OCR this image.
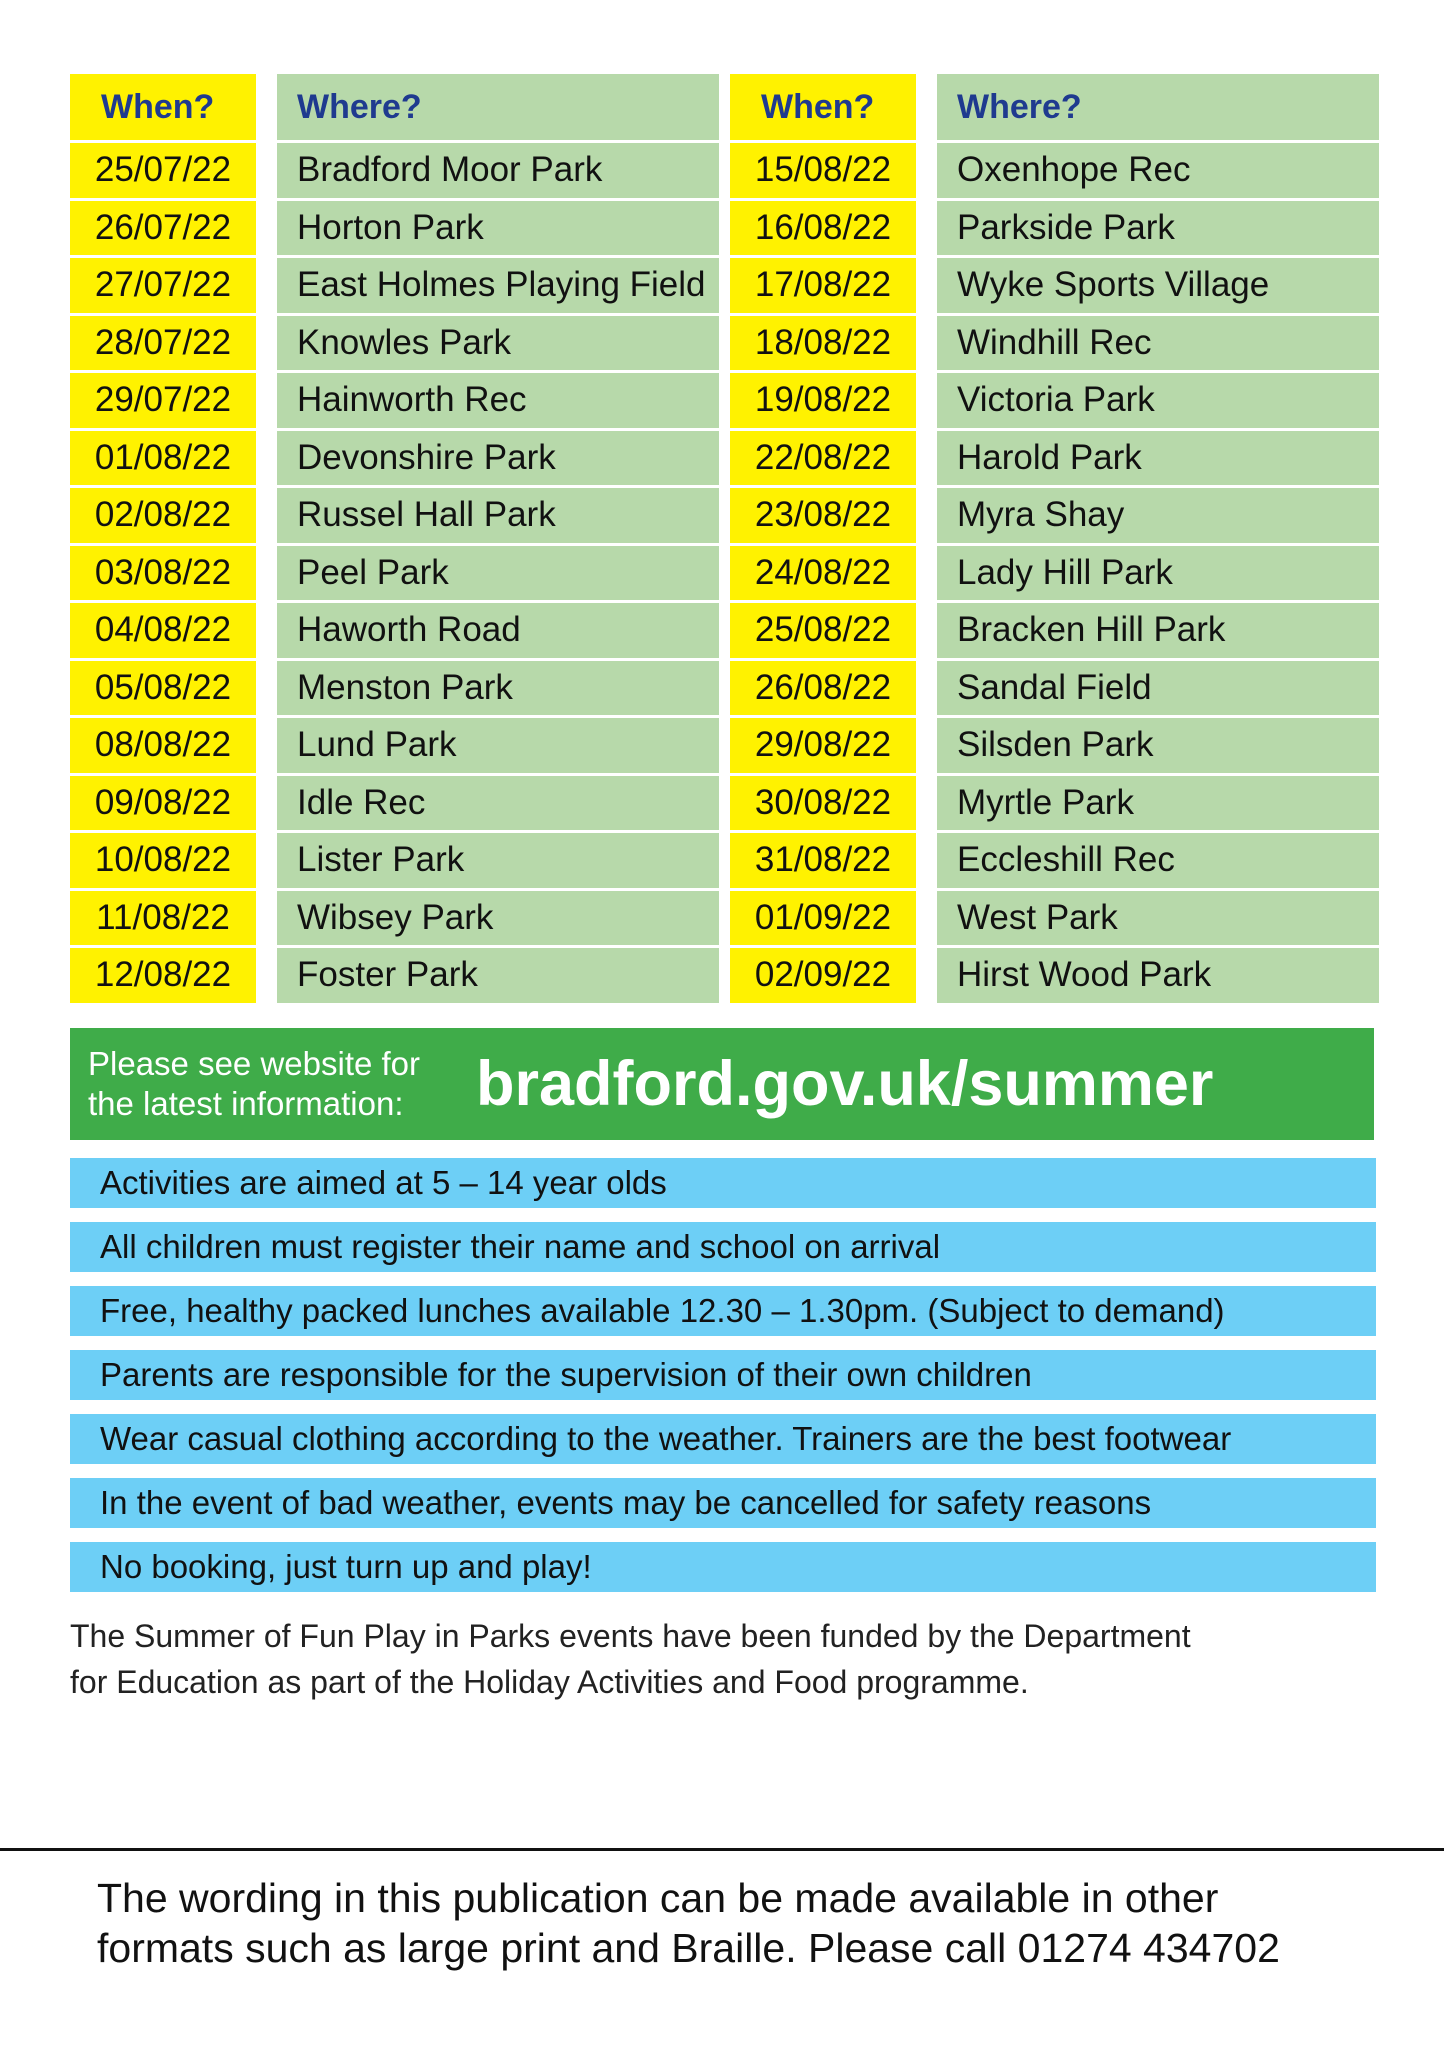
When?	Where?
25/07/22	Bradford Moor Park
26/07/22	Horton Park
27/07/22	East Holmes Playing Field
28/07/22	Knowles Park
29/07/22	Hainworth Rec
01/08/22	Devonshire Park
02/08/22	Russel Hall Park
03/08/22	Peel Park
04/08/22	Haworth Road
05/08/22	Menston Park
08/08/22	Lund Park
09/08/22	Idle Rec
10/08/22	Lister Park
11/08/22	Wibsey Park
12/08/22	Foster Park
When?	Where?
15/08/22	Oxenhope Rec
16/08/22	Parkside Park
17/08/22	Wyke Sports Village
18/08/22	Windhill Rec
19/08/22	Victoria Park
22/08/22	Harold Park
23/08/22	Myra Shay
24/08/22	Lady Hill Park
25/08/22	Bracken Hill Park
26/08/22	Sandal Field
29/08/22	Silsden Park
30/08/22	Myrtle Park
31/08/22	Eccleshill Rec
01/09/22	West Park
02/09/22	Hirst Wood Park
Please see website for
the latest information:	bradford.gov.uk/summer
Activities are aimed at 5 – 14 year olds
All children must register their name and school on arrival
Free, healthy packed lunches available 12.30 – 1.30pm. (Subject to demand)
Parents are responsible for the supervision of their own children
Wear casual clothing according to the weather. Trainers are the best footwear
In the event of bad weather, events may be cancelled for safety reasons
No booking, just turn up and play!
The Summer of Fun Play in Parks events have been funded by the Department
for Education as part of the Holiday Activities and Food programme.
The wording in this publication can be made available in other
formats such as large print and Braille. Please call 01274 434702
